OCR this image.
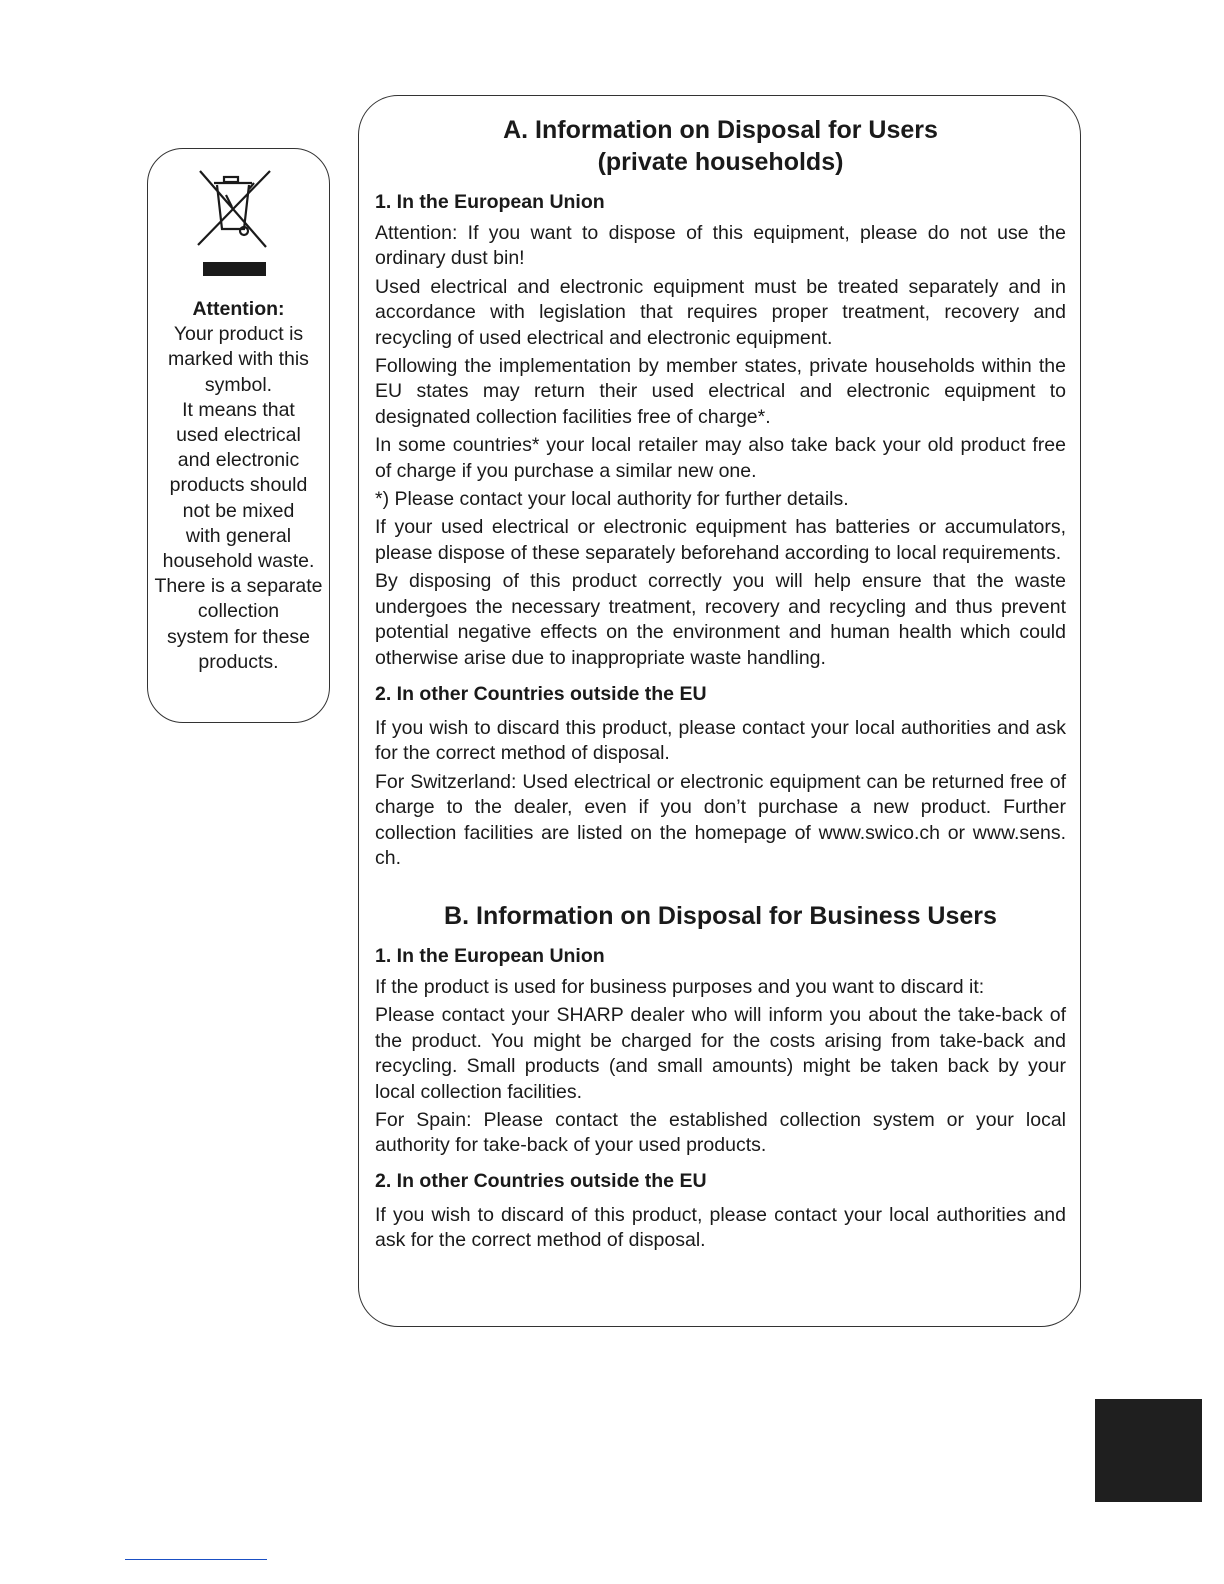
Attention:
Your product is
marked with this
symbol.
It means that
used electrical
and electronic
products should
not be mixed
with general
household waste.
There is a separate
collection
system for these
products.
A. Information on Disposal for Users
(private households)
1. In the European Union

Attention: If you want to dispose of this equipment, please do not use the ordinary dust bin!

Used electrical and electronic equipment must be treated separately and in accordance with legislation that requires proper treatment, recovery and recycling of used electrical and electronic equipment.

Following the implementation by member states, private households within the EU states may return their used electrical and electronic equipment to designated collection facilities free of charge*.

In some countries* your local retailer may also take back your old product free of charge if you purchase a similar new one.

*) Please contact your local authority for further details.

If your used electrical or electronic equipment has batteries or accumulators, please dispose of these separately beforehand according to local requirements.

By disposing of this product correctly you will help ensure that the waste undergoes the necessary treatment, recovery and recycling and thus prevent potential negative effects on the environment and human health which could otherwise arise due to inappropriate waste handling.

2. In other Countries outside the EU

If you wish to discard this product, please contact your local authorities and ask for the correct method of disposal.

For Switzerland: Used electrical or electronic equipment can be returned free of charge to the dealer, even if you don’t purchase a new product. Further collection facilities are listed on the homepage of www.swico.ch or www.sens. ch.

B. Information on Disposal for Business Users
1. In the European Union

If the product is used for business purposes and you want to discard it:

Please contact your SHARP dealer who will inform you about the take-back of the product. You might be charged for the costs arising from take-back and recycling. Small products (and small amounts) might be taken back by your local collection facilities.

For Spain: Please contact the established collection system or your local authority for take-back of your used products.

2. In other Countries outside the EU

If you wish to discard of this product, please contact your local authorities and ask for the correct method of disposal.
